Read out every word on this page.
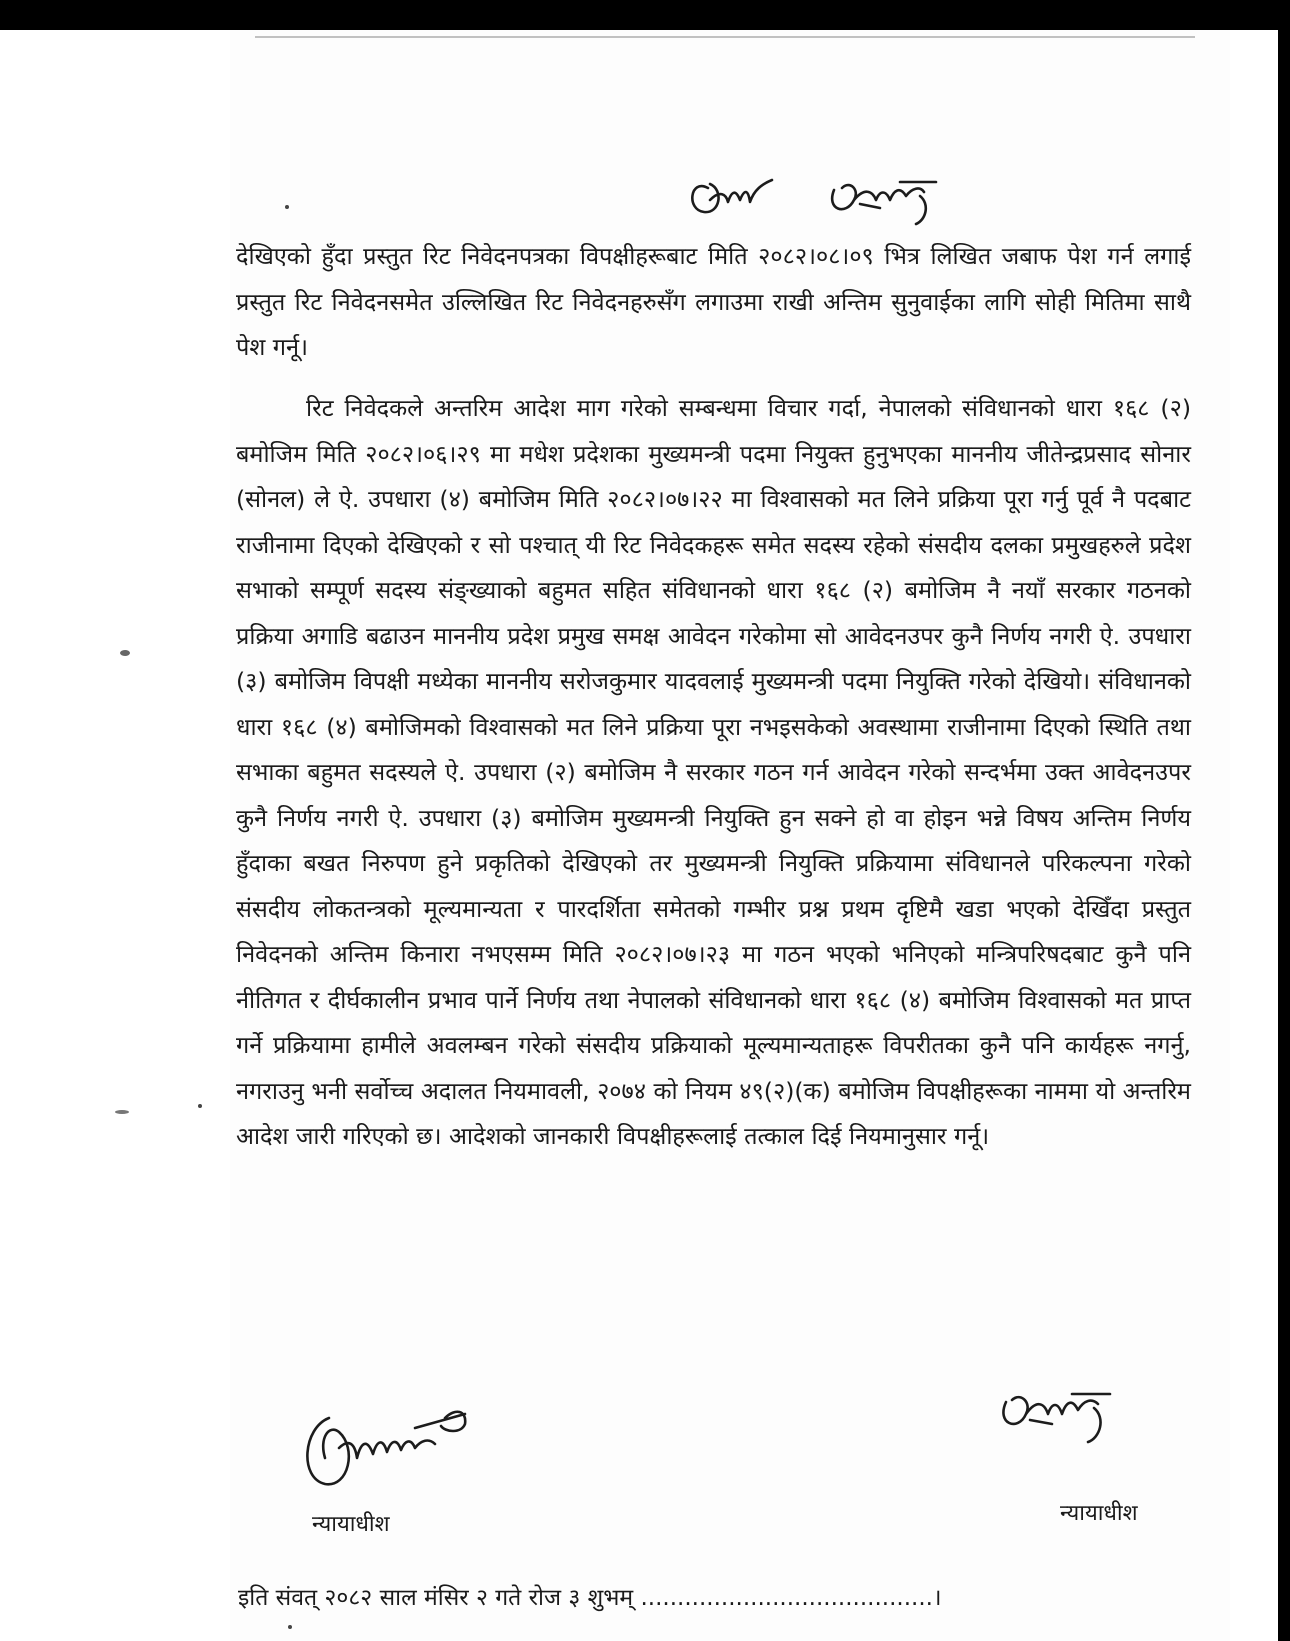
देखिएको हुँदा प्रस्तुत रिट निवेदनपत्रका विपक्षीहरूबाट मिति २०८२।०८।०९ भित्र लिखित जबाफ पेश गर्न लगाई प्रस्तुत रिट निवेदनसमेत उल्लिखित रिट निवेदनहरुसँग लगाउमा राखी अन्तिम सुनुवाईका लागि सोही मितिमा साथै पेश गर्नू।

रिट निवेदकले अन्तरिम आदेश माग गरेको सम्बन्धमा विचार गर्दा, नेपालको संविधानको धारा १६८ (२) बमोजिम मिति २०८२।०६।२९ मा मधेश प्रदेशका मुख्यमन्त्री पदमा नियुक्त हुनुभएका माननीय जीतेन्द्रप्रसाद सोनार (सोनल) ले ऐ. उपधारा (४) बमोजिम मिति २०८२।०७।२२ मा विश्वासको मत लिने प्रक्रिया पूरा गर्नु पूर्व नै पदबाट राजीनामा दिएको देखिएको र सो पश्चात् यी रिट निवेदकहरू समेत सदस्य रहेको संसदीय दलका प्रमुखहरुले प्रदेश सभाको सम्पूर्ण सदस्य संङ्ख्याको बहुमत सहित संविधानको धारा १६८ (२) बमोजिम नै नयाँ सरकार गठनको प्रक्रिया अगाडि बढाउन माननीय प्रदेश प्रमुख समक्ष आवेदन गरेकोमा सो आवेदनउपर कुनै निर्णय नगरी ऐ. उपधारा (३) बमोजिम विपक्षी मध्येका माननीय सरोजकुमार यादवलाई मुख्यमन्त्री पदमा नियुक्ति गरेको देखियो। संविधानको धारा १६८ (४) बमोजिमको विश्वासको मत लिने प्रक्रिया पूरा नभइसकेको अवस्थामा राजीनामा दिएको स्थिति तथा सभाका बहुमत सदस्यले ऐ. उपधारा (२) बमोजिम नै सरकार गठन गर्न आवेदन गरेको सन्दर्भमा उक्त आवेदनउपर कुनै निर्णय नगरी ऐ. उपधारा (३) बमोजिम मुख्यमन्त्री नियुक्ति हुन सक्ने हो वा होइन भन्ने विषय अन्तिम निर्णय हुँदाका बखत निरुपण हुने प्रकृतिको देखिएको तर मुख्यमन्त्री नियुक्ति प्रक्रियामा संविधानले परिकल्पना गरेको संसदीय लोकतन्त्रको मूल्यमान्यता र पारदर्शिता समेतको गम्भीर प्रश्न प्रथम दृष्टिमै खडा भएको देखिँदा प्रस्तुत निवेदनको अन्तिम किनारा नभएसम्म मिति २०८२।०७।२३ मा गठन भएको भनिएको मन्त्रिपरिषदबाट कुनै पनि नीतिगत र दीर्घकालीन प्रभाव पार्ने निर्णय तथा नेपालको संविधानको धारा १६८ (४) बमोजिम विश्वासको मत प्राप्त गर्ने प्रक्रियामा हामीले अवलम्बन गरेको संसदीय प्रक्रियाको मूल्यमान्यताहरू विपरीतका कुनै पनि कार्यहरू नगर्नु, नगराउनु भनी सर्वोच्च अदालत नियमावली, २०७४ को नियम ४९(२)(क) बमोजिम विपक्षीहरूका नाममा यो अन्तरिम आदेश जारी गरिएको छ। आदेशको जानकारी विपक्षीहरूलाई तत्काल दिई नियमानुसार गर्नू।

न्यायाधीश	न्यायाधीश

इति संवत् २०८२ साल मंसिर २ गते रोज ३ शुभम् ........................................।
